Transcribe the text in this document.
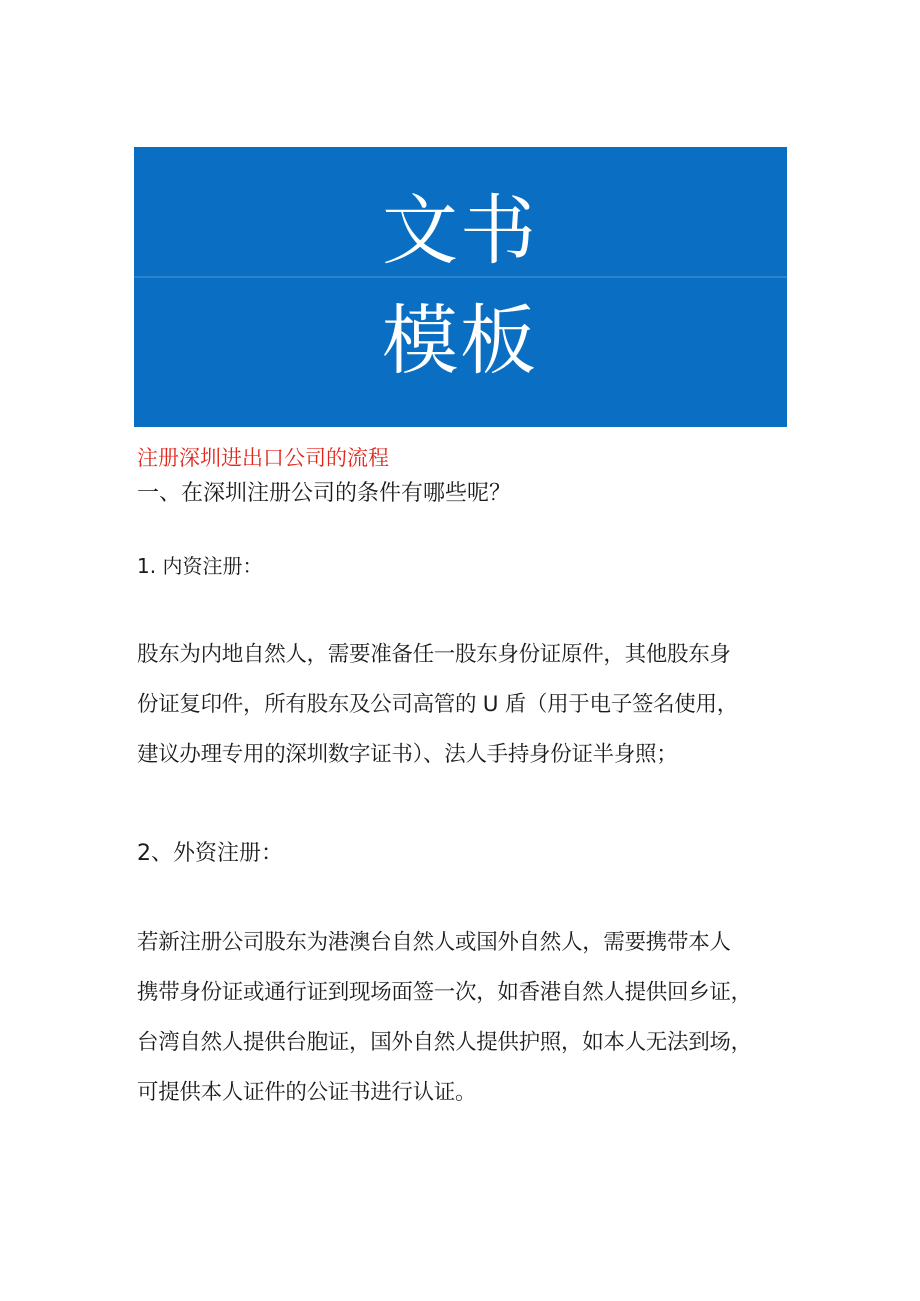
文书
模板
注册深圳进出口公司的流程
一、在深圳注册公司的条件有哪些呢？
1. 内资注册：

股东为内地自然人，需要准备任一股东身份证原件，其他股东身
份证复印件，所有股东及公司高管的 U 盾（用于电子签名使用，
建议办理专用的深圳数字证书）、法人手持身份证半身照；

2、外资注册：

若新注册公司股东为港澳台自然人或国外自然人，需要携带本人
携带身份证或通行证到现场面签一次，如香港自然人提供回乡证，
台湾自然人提供台胞证，国外自然人提供护照，如本人无法到场，
可提供本人证件的公证书进行认证。
